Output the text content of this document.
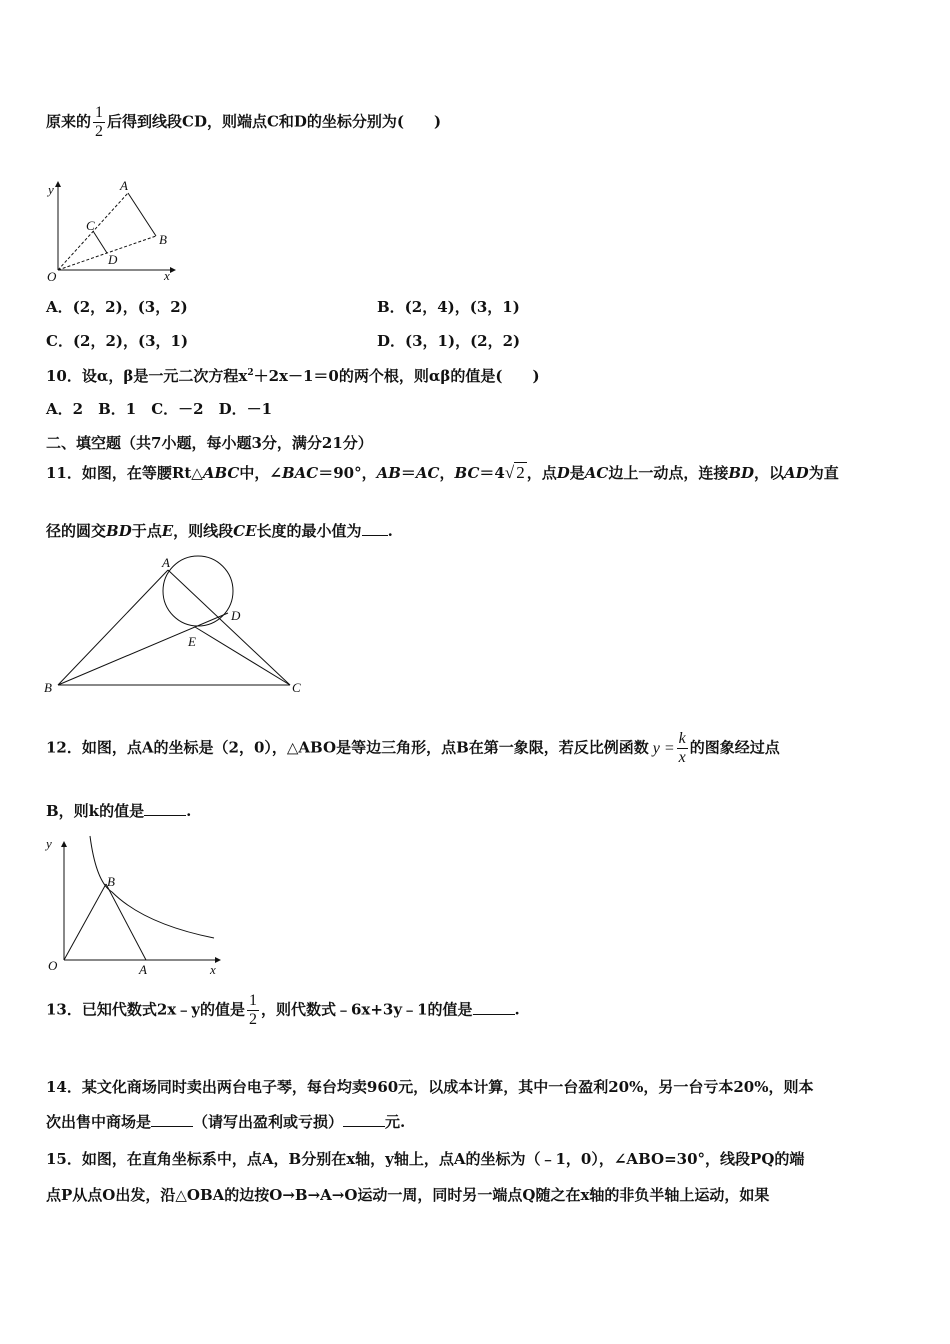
原来的 $\frac{1}{2}$ 后得到线段CD，则端点C和D的坐标分别为(　　)
y
O	x
A
B
C
D
A．(2，2)，(3，2)	B．(2，4)，(3，1)
C．(2，2)，(3，1)	D．(3，1)，(2，2)
10．设α，β是一元二次方程$x^2+2x-1=0$的两个根，则αβ的值是(　　)
A．2　B．1　C．－2　D．－1
二、填空题（共7小题，每小题3分，满分21分）
11．如图，在等腰Rt△ABC中，∠BAC＝90°，AB＝AC，BC＝4√ 2 ，点D是AC边上一动点，连接BD，以AD为直
径的圆交BD于点E，则线段CE长度的最小值为 .
A
B	C
D
E
12．如图，点A的坐标是（2，0），△ABO是等边三角形，点B在第一象限，若反比例函数 $y = \frac{k}{x}$ 的图象经过点
B，则k的值是	.
y
O	x
A
B
13．已知代数式2x﹣y的值是 $\frac{1}{2}$ ，则代数式﹣6x+3y﹣1的值是	.
14．某文化商场同时卖出两台电子琴，每台均卖960元，以成本计算，其中一台盈利20%，另一台亏本20%，则本
次出售中商场是	（请写出盈利或亏损）	元.
15．如图，在直角坐标系中，点A，B分别在x轴，y轴上，点A的坐标为（﹣1，0），∠ABO=30°，线段PQ的端
点P从点O出发，沿△OBA的边按O→B→A→O运动一周，同时另一端点Q随之在x轴的非负半轴上运动，如果
